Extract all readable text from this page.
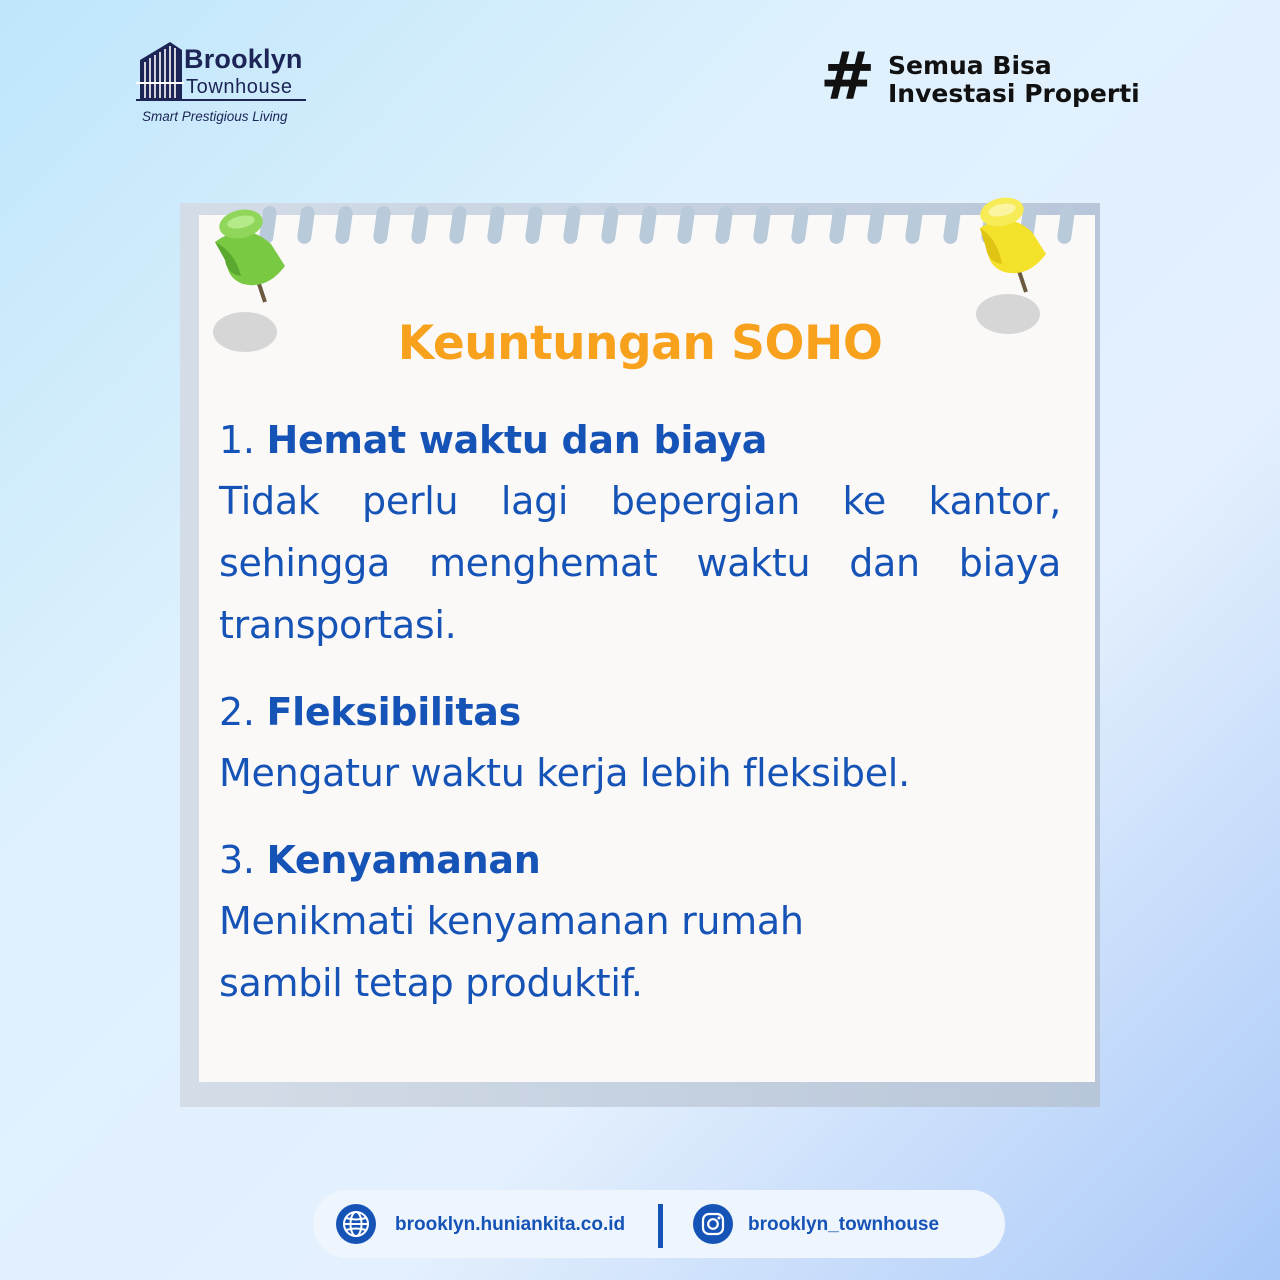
Brooklyn
Townhouse
Smart Prestigious Living
# Semua Bisa
Investasi Properti
Keuntungan SOHO
1. Hemat waktu dan biaya
Tidak perlu lagi bepergian ke kantor, sehingga menghemat waktu dan biaya transportasi.
2. Fleksibilitas
Mengatur waktu kerja lebih fleksibel.
3. Kenyamanan
Menikmati kenyamanan rumah
sambil tetap produktif.
brooklyn.huniankita.co.id	brooklyn_townhouse
